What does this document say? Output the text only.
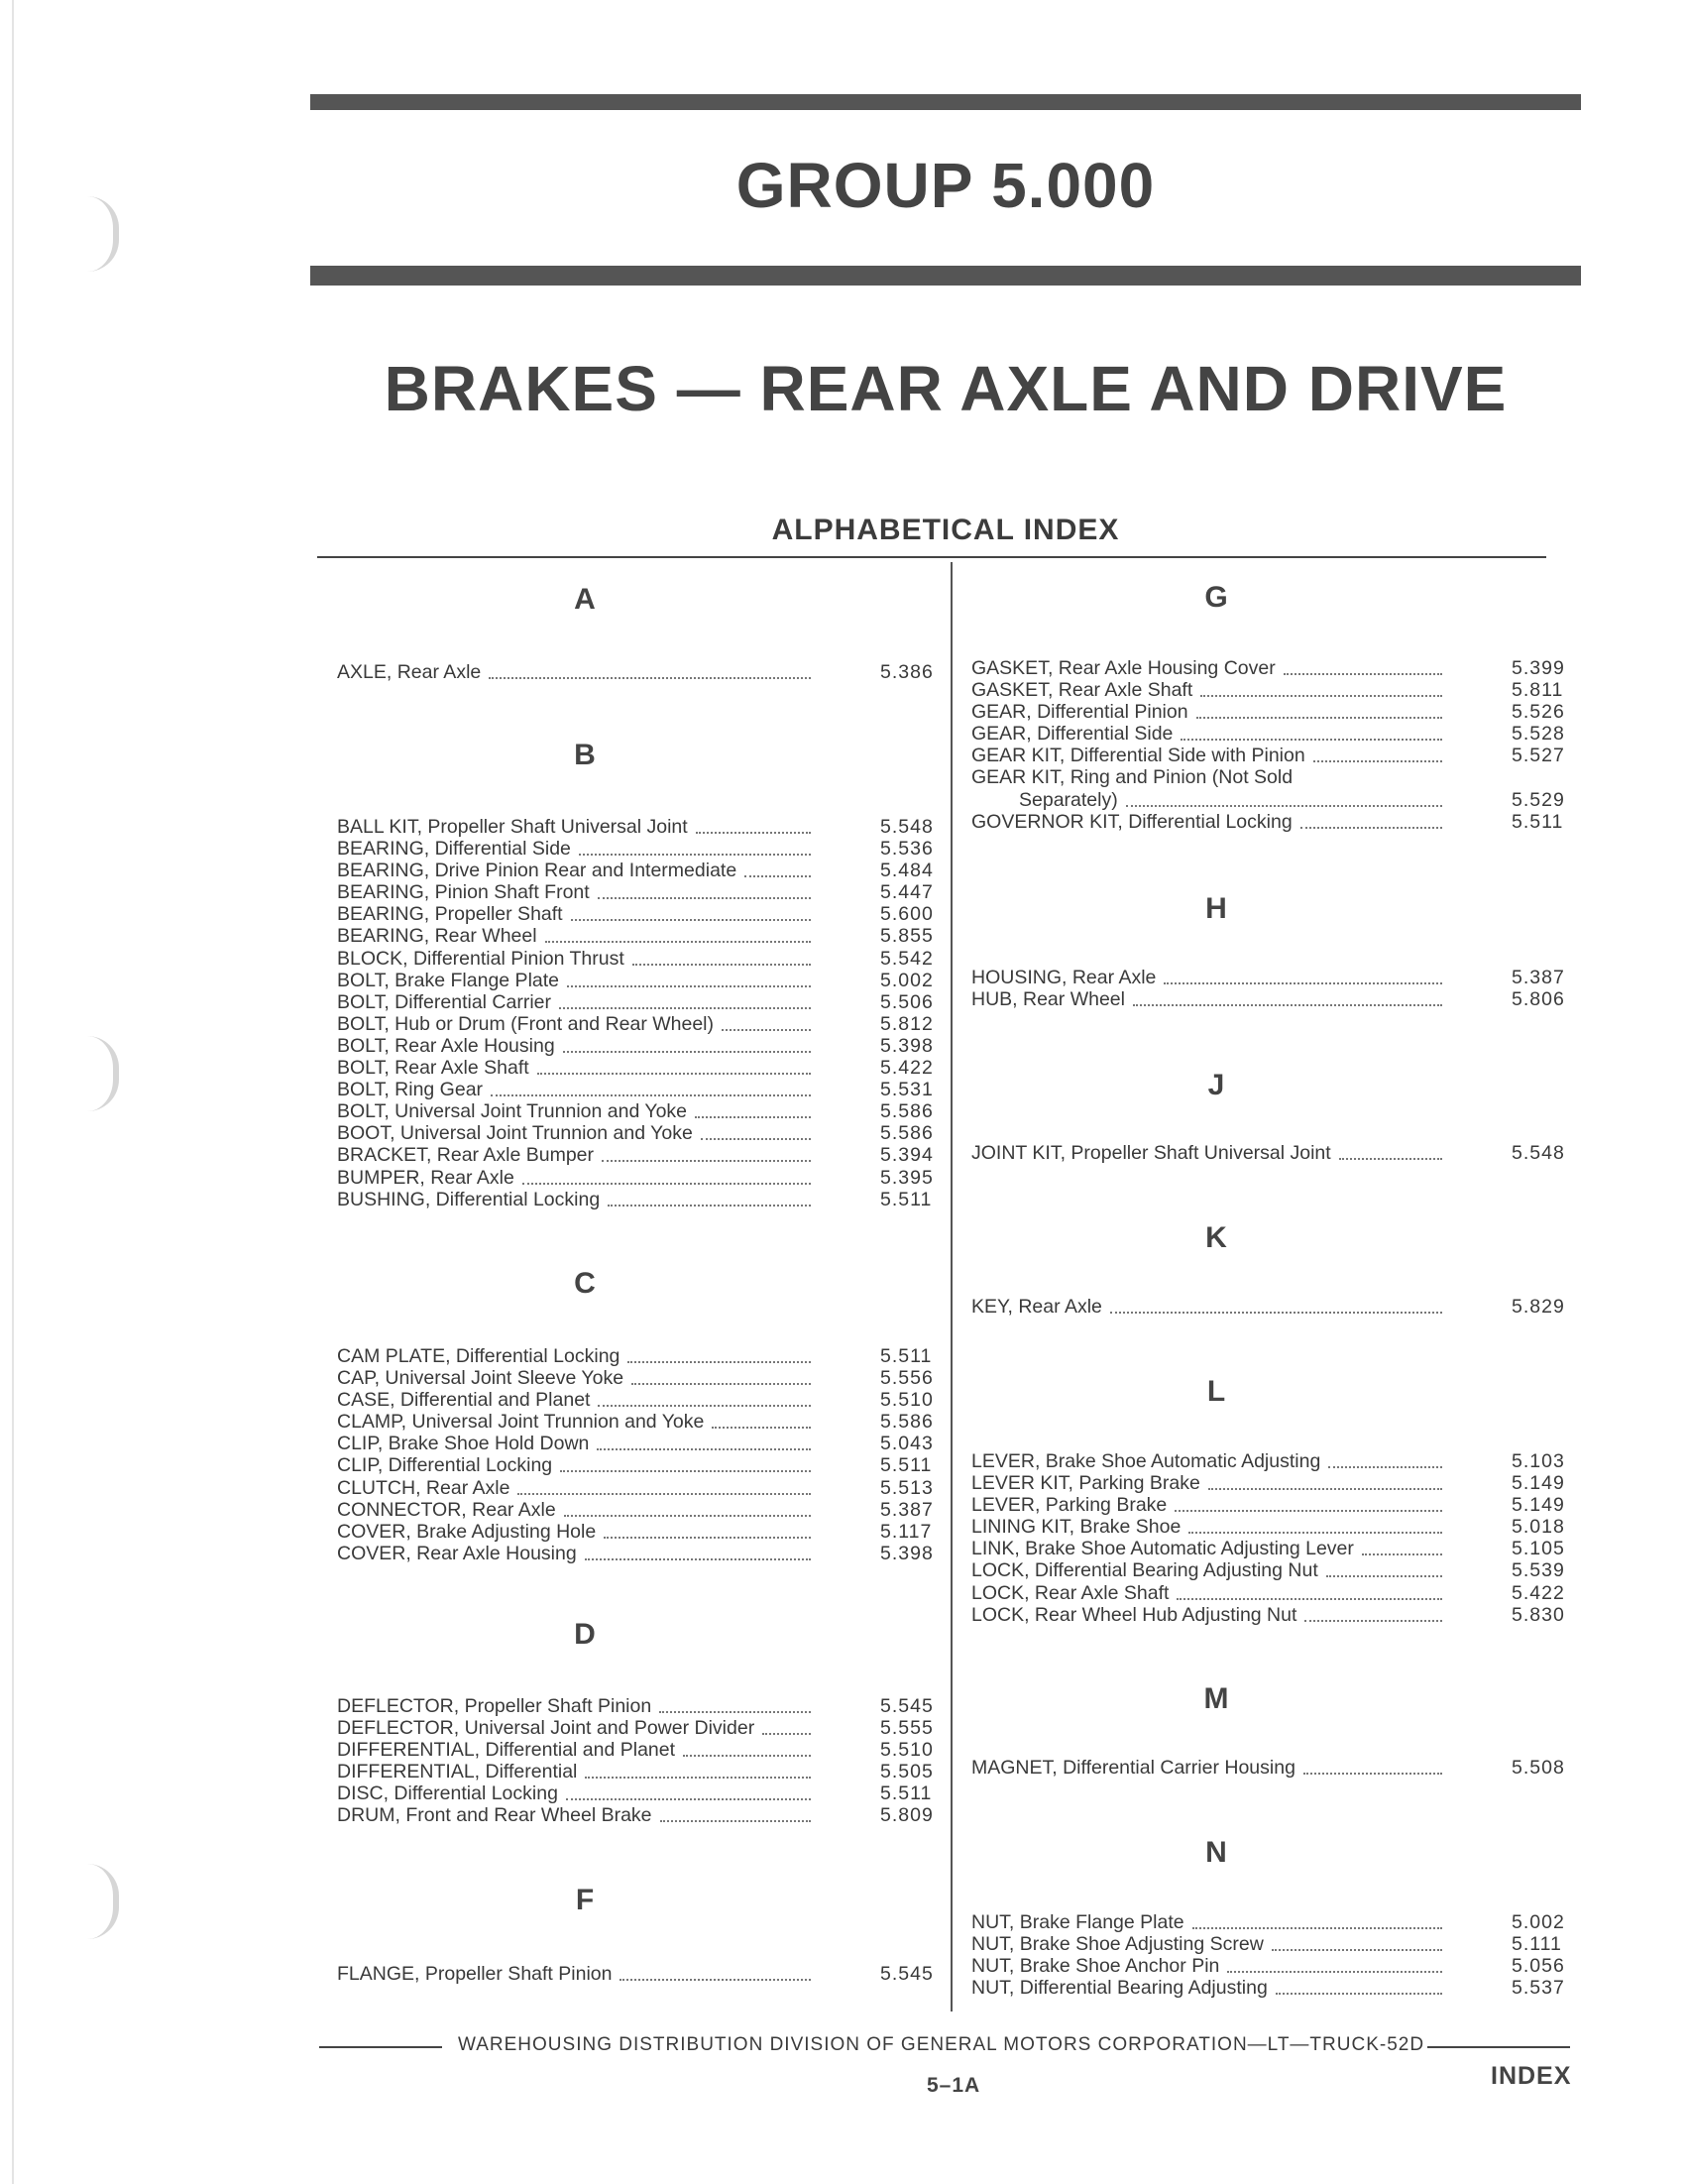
GROUP 5.000
BRAKES — REAR AXLE AND DRIVE
ALPHABETICAL INDEX
A
AXLE, Rear Axle	5.386
B
BALL KIT, Propeller Shaft Universal Joint	5.548
BEARING, Differential Side	5.536
BEARING, Drive Pinion Rear and Intermediate	5.484
BEARING, Pinion Shaft Front	5.447
BEARING, Propeller Shaft	5.600
BEARING, Rear Wheel	5.855
BLOCK, Differential Pinion Thrust	5.542
BOLT, Brake Flange Plate	5.002
BOLT, Differential Carrier	5.506
BOLT, Hub or Drum (Front and Rear Wheel)	5.812
BOLT, Rear Axle Housing	5.398
BOLT, Rear Axle Shaft	5.422
BOLT, Ring Gear	5.531
BOLT, Universal Joint Trunnion and Yoke	5.586
BOOT, Universal Joint Trunnion and Yoke	5.586
BRACKET, Rear Axle Bumper	5.394
BUMPER, Rear Axle	5.395
BUSHING, Differential Locking	5.511
C
CAM PLATE, Differential Locking	5.511
CAP, Universal Joint Sleeve Yoke	5.556
CASE, Differential and Planet	5.510
CLAMP, Universal Joint Trunnion and Yoke	5.586
CLIP, Brake Shoe Hold Down	5.043
CLIP, Differential Locking	5.511
CLUTCH, Rear Axle	5.513
CONNECTOR, Rear Axle	5.387
COVER, Brake Adjusting Hole	5.117
COVER, Rear Axle Housing	5.398
D
DEFLECTOR, Propeller Shaft Pinion	5.545
DEFLECTOR, Universal Joint and Power Divider	5.555
DIFFERENTIAL, Differential and Planet	5.510
DIFFERENTIAL, Differential	5.505
DISC, Differential Locking	5.511
DRUM, Front and Rear Wheel Brake	5.809
F
FLANGE, Propeller Shaft Pinion	5.545
G
GASKET, Rear Axle Housing Cover	5.399
GASKET, Rear Axle Shaft	5.811
GEAR, Differential Pinion	5.526
GEAR, Differential Side	5.528
GEAR KIT, Differential Side with Pinion	5.527
GEAR KIT, Ring and Pinion (Not Sold
Separately)	5.529
GOVERNOR KIT, Differential Locking	5.511
H
HOUSING, Rear Axle	5.387
HUB, Rear Wheel	5.806
J
JOINT KIT, Propeller Shaft Universal Joint	5.548
K
KEY, Rear Axle	5.829
L
LEVER, Brake Shoe Automatic Adjusting	5.103
LEVER KIT, Parking Brake	5.149
LEVER, Parking Brake	5.149
LINING KIT, Brake Shoe	5.018
LINK, Brake Shoe Automatic Adjusting Lever	5.105
LOCK, Differential Bearing Adjusting Nut	5.539
LOCK, Rear Axle Shaft	5.422
LOCK, Rear Wheel Hub Adjusting Nut	5.830
M
MAGNET, Differential Carrier Housing	5.508
N
NUT, Brake Flange Plate	5.002
NUT, Brake Shoe Adjusting Screw	5.111
NUT, Brake Shoe Anchor Pin	5.056
NUT, Differential Bearing Adjusting	5.537
WAREHOUSING DISTRIBUTION DIVISION OF GENERAL MOTORS CORPORATION—LT—TRUCK-52D
5–1A	INDEX
